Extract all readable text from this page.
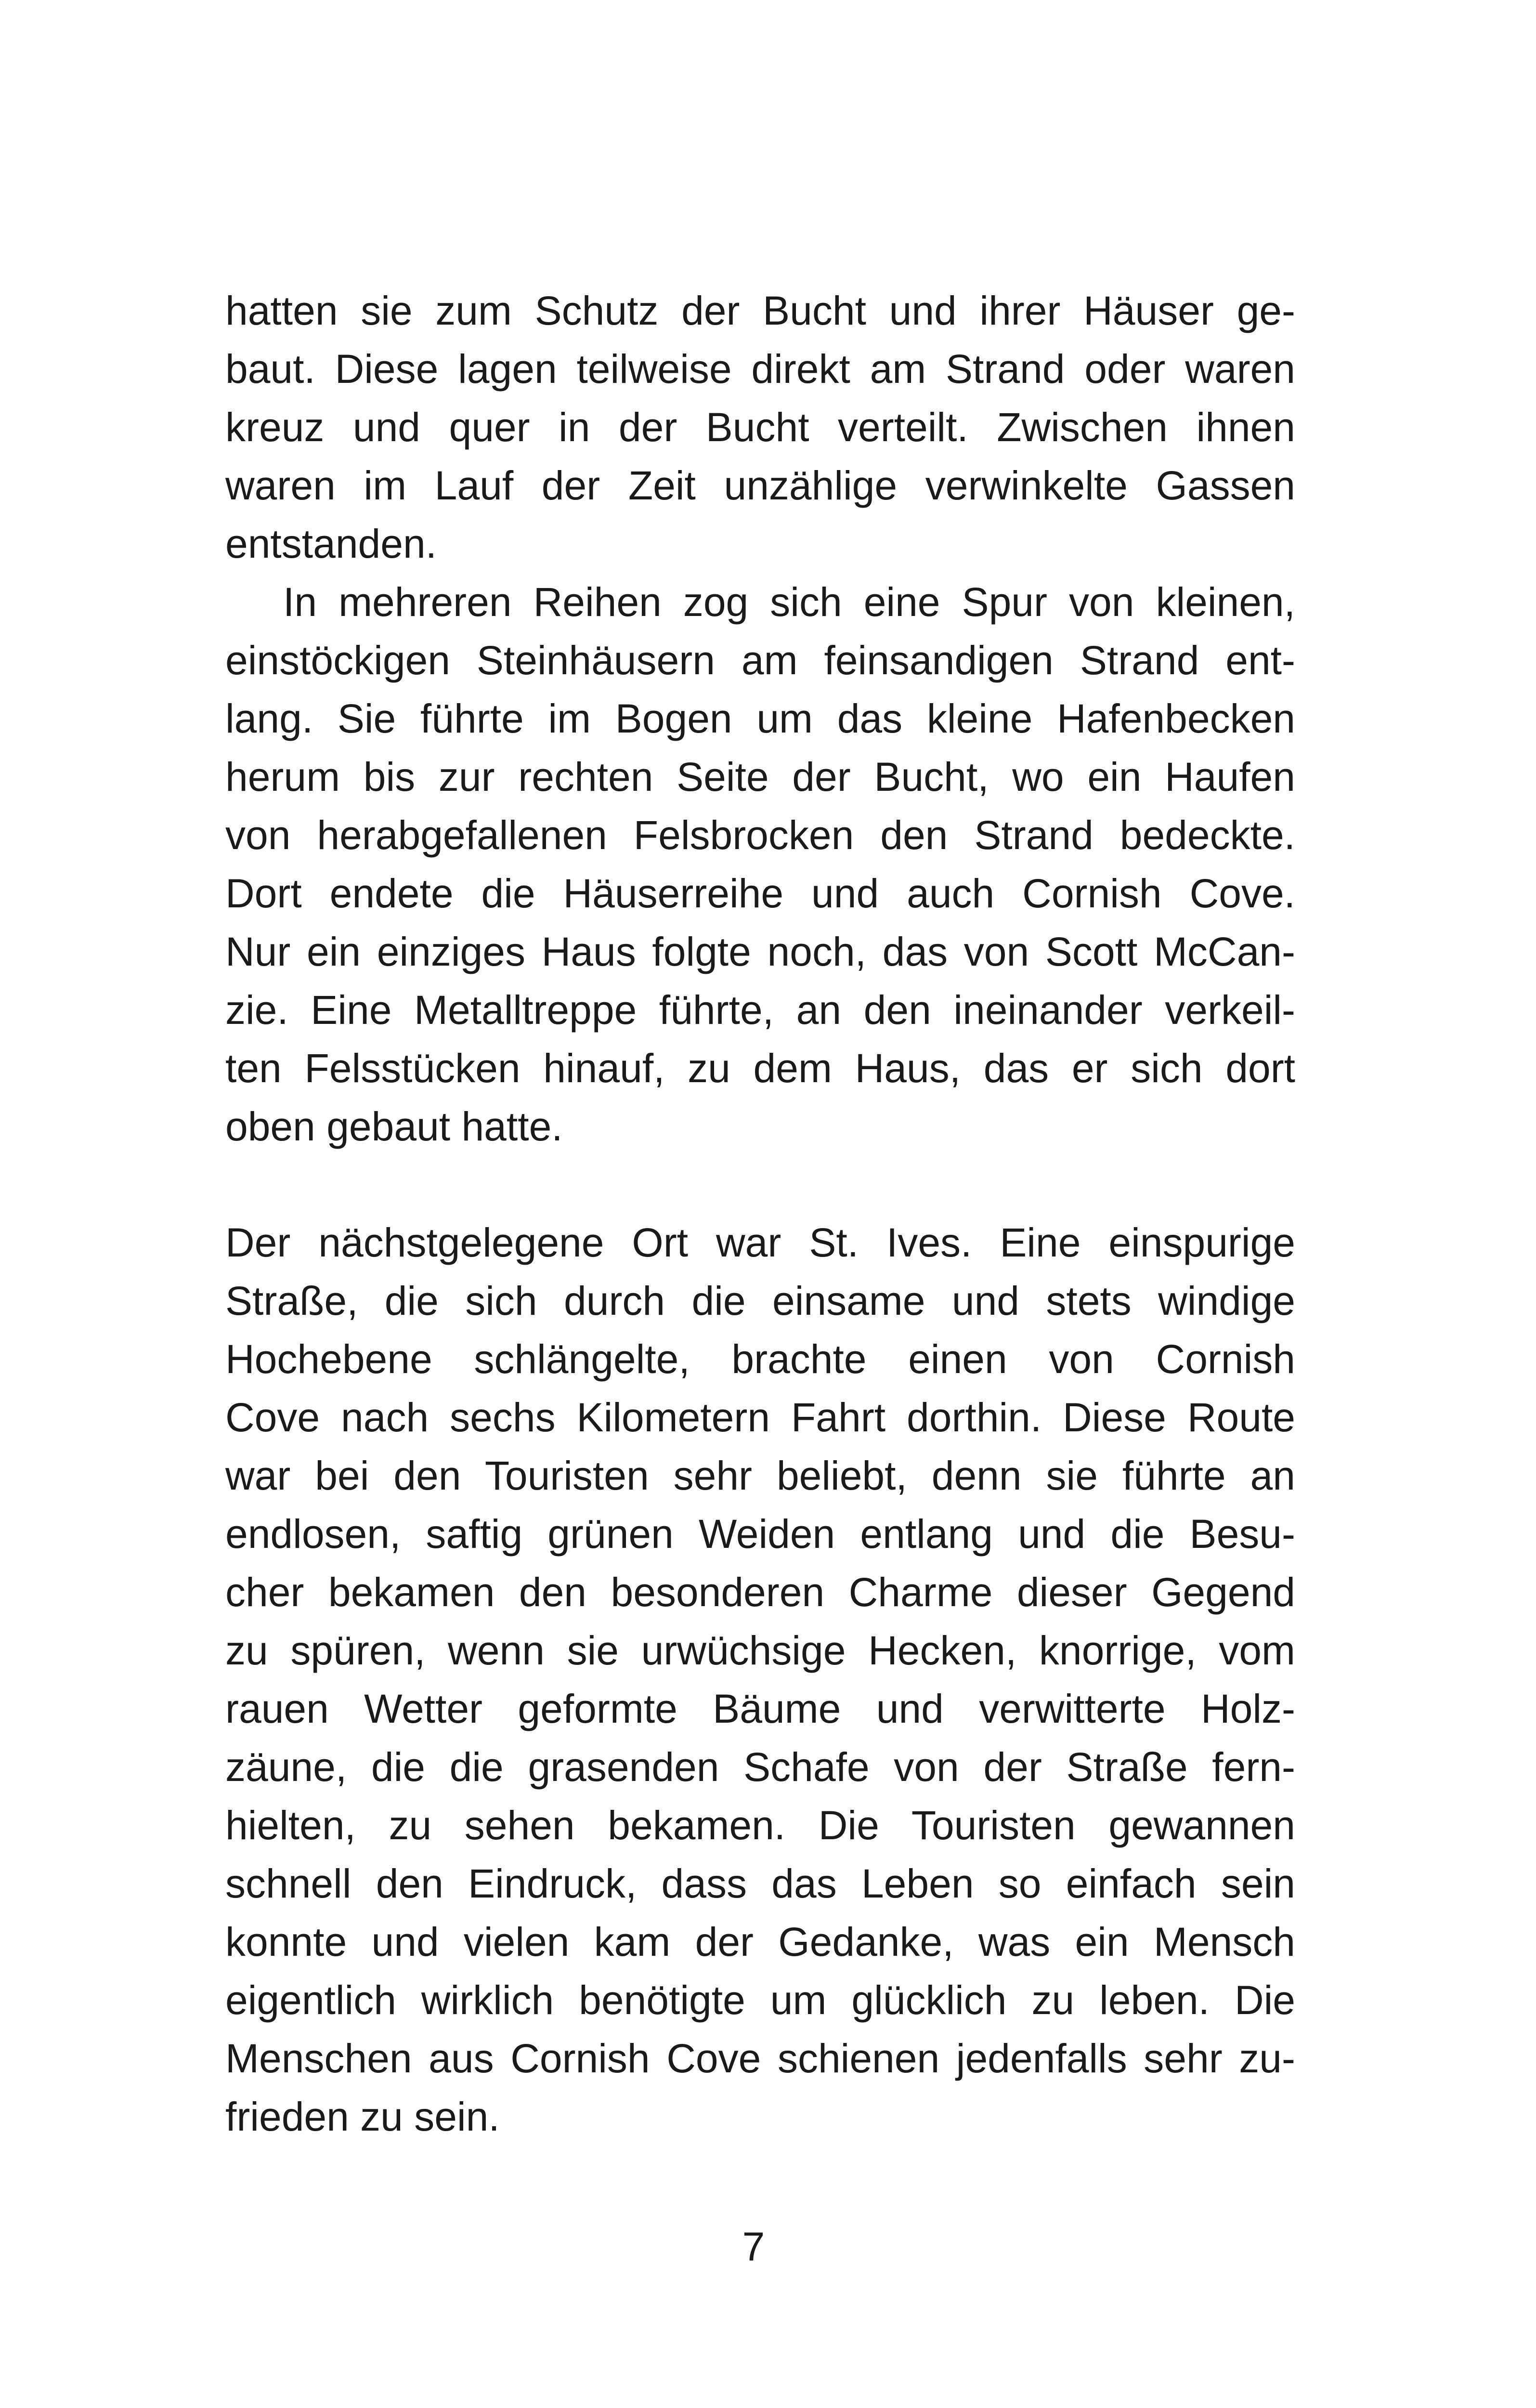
hatten sie zum Schutz der Bucht und ihrer Häuser ge-
baut. Diese lagen teilweise direkt am Strand oder waren
kreuz und quer in der Bucht verteilt. Zwischen ihnen
waren im Lauf der Zeit unzählige verwinkelte Gassen
entstanden.
In mehreren Reihen zog sich eine Spur von kleinen,
einstöckigen Steinhäusern am feinsandigen Strand ent-
lang. Sie führte im Bogen um das kleine Hafenbecken
herum bis zur rechten Seite der Bucht, wo ein Haufen
von herabgefallenen Felsbrocken den Strand bedeckte.
Dort endete die Häuserreihe und auch Cornish Cove.
Nur ein einziges Haus folgte noch, das von Scott McCan-
zie. Eine Metalltreppe führte, an den ineinander verkeil-
ten Felsstücken hinauf, zu dem Haus, das er sich dort
oben gebaut hatte.
Der nächstgelegene Ort war St. Ives. Eine einspurige
Straße, die sich durch die einsame und stets windige
Hochebene schlängelte, brachte einen von Cornish
Cove nach sechs Kilometern Fahrt dorthin. Diese Route
war bei den Touristen sehr beliebt, denn sie führte an
endlosen, saftig grünen Weiden entlang und die Besu-
cher bekamen den besonderen Charme dieser Gegend
zu spüren, wenn sie urwüchsige Hecken, knorrige, vom
rauen Wetter geformte Bäume und verwitterte Holz-
zäune, die die grasenden Schafe von der Straße fern-
hielten, zu sehen bekamen. Die Touristen gewannen
schnell den Eindruck, dass das Leben so einfach sein
konnte und vielen kam der Gedanke, was ein Mensch
eigentlich wirklich benötigte um glücklich zu leben. Die
Menschen aus Cornish Cove schienen jedenfalls sehr zu-
frieden zu sein.
7
